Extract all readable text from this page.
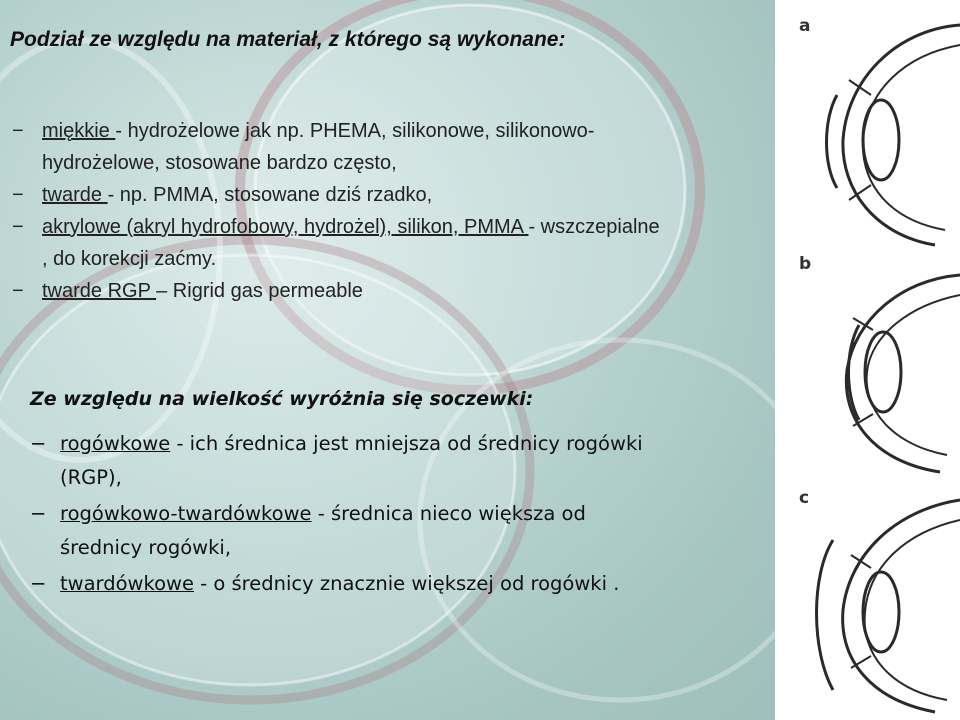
Podział ze względu na materiał, z którego są wykonane:
− miękkie - hydrożelowe jak np. PHEMA, silikonowe, silikonowo-hydrożelowe, stosowane bardzo często,
− twarde - np. PMMA, stosowane dziś rzadko,
− akrylowe (akryl hydrofobowy, hydrożel), silikon, PMMA - wszczepialne , do korekcji zaćmy.
− twarde RGP – Rigrid gas permeable
Ze względu na wielkość wyróżnia się soczewki:
− rogówkowe - ich średnica jest mniejsza od średnicy rogówki (RGP),
− rogówkowo-twardówkowe - średnica nieco większa od średnicy rogówki,
− twardówkowe - o średnicy znacznie większej od rogówki .
a
b
c
